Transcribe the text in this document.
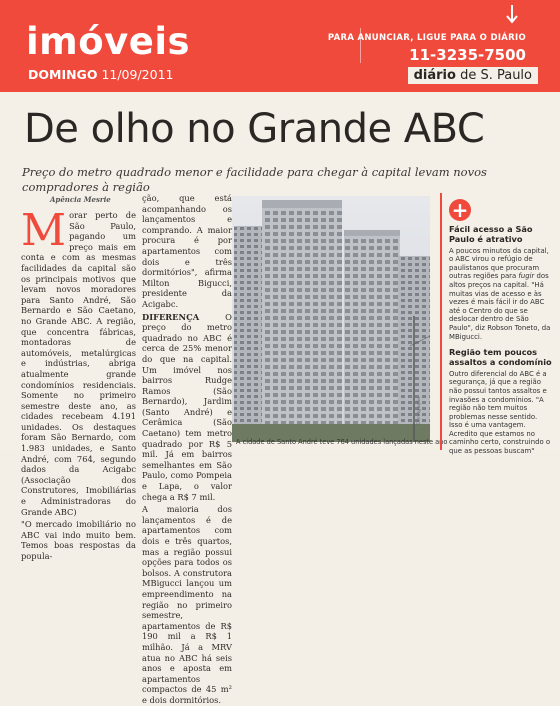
imóveis
DOMINGO 11/09/2011
PARA ANUNCIAR, LIGUE PARA O DIÁRIO
11-3235-7500
diário de S. Paulo
De olho no Grande ABC
Preço do metro quadrado menor e facilidade para chegar à capital levam novos compradores à região
Apência Mesrie
M orar perto de São Paulo, pagando um preço mais em conta e com as mesmas facilidades da capital são os principais motivos que levam novos moradores para Santo André, São Bernardo e São Caetano, no Grande ABC. A região, que concentra fábricas, montadoras de automóveis, metalúrgicas e indústrias, abriga atualmente grande condomínios residenciais. Somente no primeiro semestre deste ano, as cidades recebeam 4.191 unidades. Os destaques foram São Bernardo, com 1.983 unidades, e Santo André, com 764, segundo dados da Acigabc (Associação dos Construtores, Imobiliárias e Administradoras do Grande ABC)

"O mercado imobiliário no ABC vai indo muito bem. Temos boas respostas da popula-

ção, que está acompanhando os lançamentos e comprando. A maior procura é por apartamentos com dois e três dormitórios", afirma Milton Bigucci, presidente da Acigabc.

DIFERENÇA O preço do metro quadrado no ABC é cerca de 25% menor do que na capital. Um imóvel nos bairros Rudge Ramos (São Bernardo), Jardim (Santo André) e Cerâmica (São Caetano) tem metro quadrado por R$ 5 mil. Já em bairros semelhantes em São Paulo, como Pompeia e Lapa, o valor chega a R$ 7 mil.

A maioria dos lançamentos é de apartamentos com dois e três quartos, mas a região possui opções para todos os bolsos. A construtora MBigucci lançou um empreendimento na região no primeiro semestre, apartamentos de R$ 190 mil a R$ 1 milhão. Já a MRV atua no ABC há seis anos e aposta em apartamentos compactos de 45 m² e dois dormitórios.

A cidade de Santo André teve 764 unidades lançadas neste ano
Divulgação
+
Fácil acesso a São Paulo é atrativo
A poucos minutos da capital, o ABC virou o refúgio de paulistanos que procuram outras regiões para fugir dos altos preços na capital. "Há muitas vias de acesso e às vezes é mais fácil ir do ABC até o Centro do que se deslocar dentro de São Paulo", diz Robson Toneto, da MBigucci.
Região tem poucos assaltos a condomínio
Outro diferencial do ABC é a segurança, já que a região não possui tantos assaltos e invasões a condomínios. "A região não tem muitos problemas nesse sentido. Isso é uma vantagem. Acredito que estamos no caminho certo, construindo o que as pessoas buscam"
